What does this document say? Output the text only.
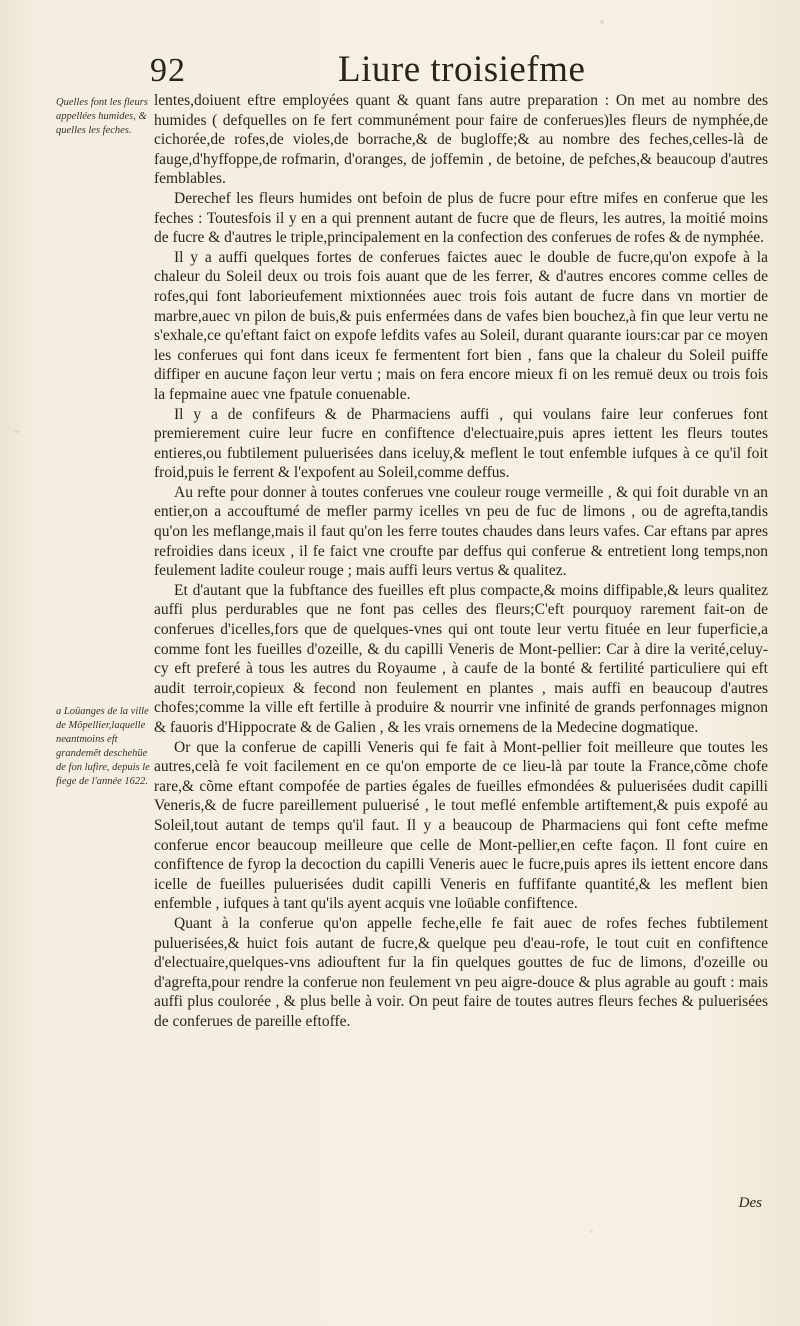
92	Liure troisiefme
Quelles font les fleurs appellées humides, & quelles les feches.
a Loüanges de la ville de Mõpellier,laquelle neantmoins eft grandemẽt deschehüe de fon lufire, depuis le fiege de l'année 1622.

lentes,doiuent eftre employées quant & quant fans autre preparation : On met au nombre des humides ( defquelles on fe fert communément pour faire de conferues)les fleurs de nymphée,de cichorée,de rofes,de violes,de borrache,& de bugloffe;& au nombre des feches,celles-là de fauge,d'hyffoppe,de rofmarin, d'oranges, de joffemin , de betoine, de pefches,& beaucoup d'autres femblables.

Derechef les fleurs humides ont befoin de plus de fucre pour eftre mifes en conferue que les feches : Toutesfois il y en a qui prennent autant de fucre que de fleurs, les autres, la moitié moins de fucre & d'autres le triple,principalement en la confection des conferues de rofes & de nymphée.

Il y a auffi quelques fortes de conferues faictes auec le double de fucre,qu'on expofe à la chaleur du Soleil deux ou trois fois auant que de les ferrer, & d'autres encores comme celles de rofes,qui font laborieufement mixtionnées auec trois fois autant de fucre dans vn mortier de marbre,auec vn pilon de buis,& puis enfermées dans de vafes bien bouchez,à fin que leur vertu ne s'exhale,ce qu'eftant faict on expofe lefdits vafes au Soleil, durant quarante iours:car par ce moyen les conferues qui font dans iceux fe fermentent fort bien , fans que la chaleur du Soleil puiffe diffiper en aucune façon leur vertu ; mais on fera encore mieux fi on les remuë deux ou trois fois la fepmaine auec vne fpatule conuenable.

Il y a de confifeurs & de Pharmaciens auffi , qui voulans faire leur conferues font premierement cuire leur fucre en confiftence d'electuaire,puis apres iettent les fleurs toutes entieres,ou fubtilement puluerisées dans iceluy,& meflent le tout enfemble iufques à ce qu'il foit froid,puis le ferrent & l'expofent au Soleil,comme deffus.

Au refte pour donner à toutes conferues vne couleur rouge vermeille , & qui foit durable vn an entier,on a accouftumé de mefler parmy icelles vn peu de fuc de limons , ou de agrefta,tandis qu'on les meflange,mais il faut qu'on les ferre toutes chaudes dans leurs vafes. Car eftans par apres refroidies dans iceux , il fe faict vne croufte par deffus qui conferue & entretient long temps,non feulement ladite couleur rouge ; mais auffi leurs vertus & qualitez.

Et d'autant que la fubftance des fueilles eft plus compacte,& moins diffipable,& leurs qualitez auffi plus perdurables que ne font pas celles des fleurs;C'eft pourquoy rarement fait-on de conferues d'icelles,fors que de quelques-vnes qui ont toute leur vertu fituée en leur fuperficie,a comme font les fueilles d'ozeille, & du capilli Veneris de Mont-pellier: Car à dire la verité,celuy-cy eft preferé à tous les autres du Royaume , à caufe de la bonté & fertilité particuliere qui eft audit terroir,copieux & fecond non feulement en plantes , mais auffi en beaucoup d'autres chofes;comme la ville eft fertille à produire & nourrir vne infinité de grands perfonnages mignon & fauoris d'Hippocrate & de Galien , & les vrais ornemens de la Medecine dogmatique.

Or que la conferue de capilli Veneris qui fe fait à Mont-pellier foit meilleure que toutes les autres,celà fe voit facilement en ce qu'on emporte de ce lieu-là par toute la France,cõme chofe rare,& cõme eftant compofée de parties égales de fueilles efmondées & puluerisées dudit capilli Veneris,& de fucre pareillement puluerisé , le tout meflé enfemble artiftement,& puis expofé au Soleil,tout autant de temps qu'il faut. Il y a beaucoup de Pharmaciens qui font cefte mefme conferue encor beaucoup meilleure que celle de Mont-pellier,en cefte façon. Il font cuire en confiftence de fyrop la decoction du capilli Veneris auec le fucre,puis apres ils iettent encore dans icelle de fueilles puluerisées dudit capilli Veneris en fuffifante quantité,& les meflent bien enfemble , iufques à tant qu'ils ayent acquis vne loüable confiftence.

Quant à la conferue qu'on appelle feche,elle fe fait auec de rofes feches fubtilement puluerisées,& huict fois autant de fucre,& quelque peu d'eau-rofe, le tout cuit en confiftence d'electuaire,quelques-vns adiouftent fur la fin quelques gouttes de fuc de limons, d'ozeille ou d'agrefta,pour rendre la conferue non feulement vn peu aigre-douce & plus agrable au gouft : mais auffi plus coulorée , & plus belle à voir. On peut faire de toutes autres fleurs feches & puluerisées de conferues de pareille eftoffe.

Des
